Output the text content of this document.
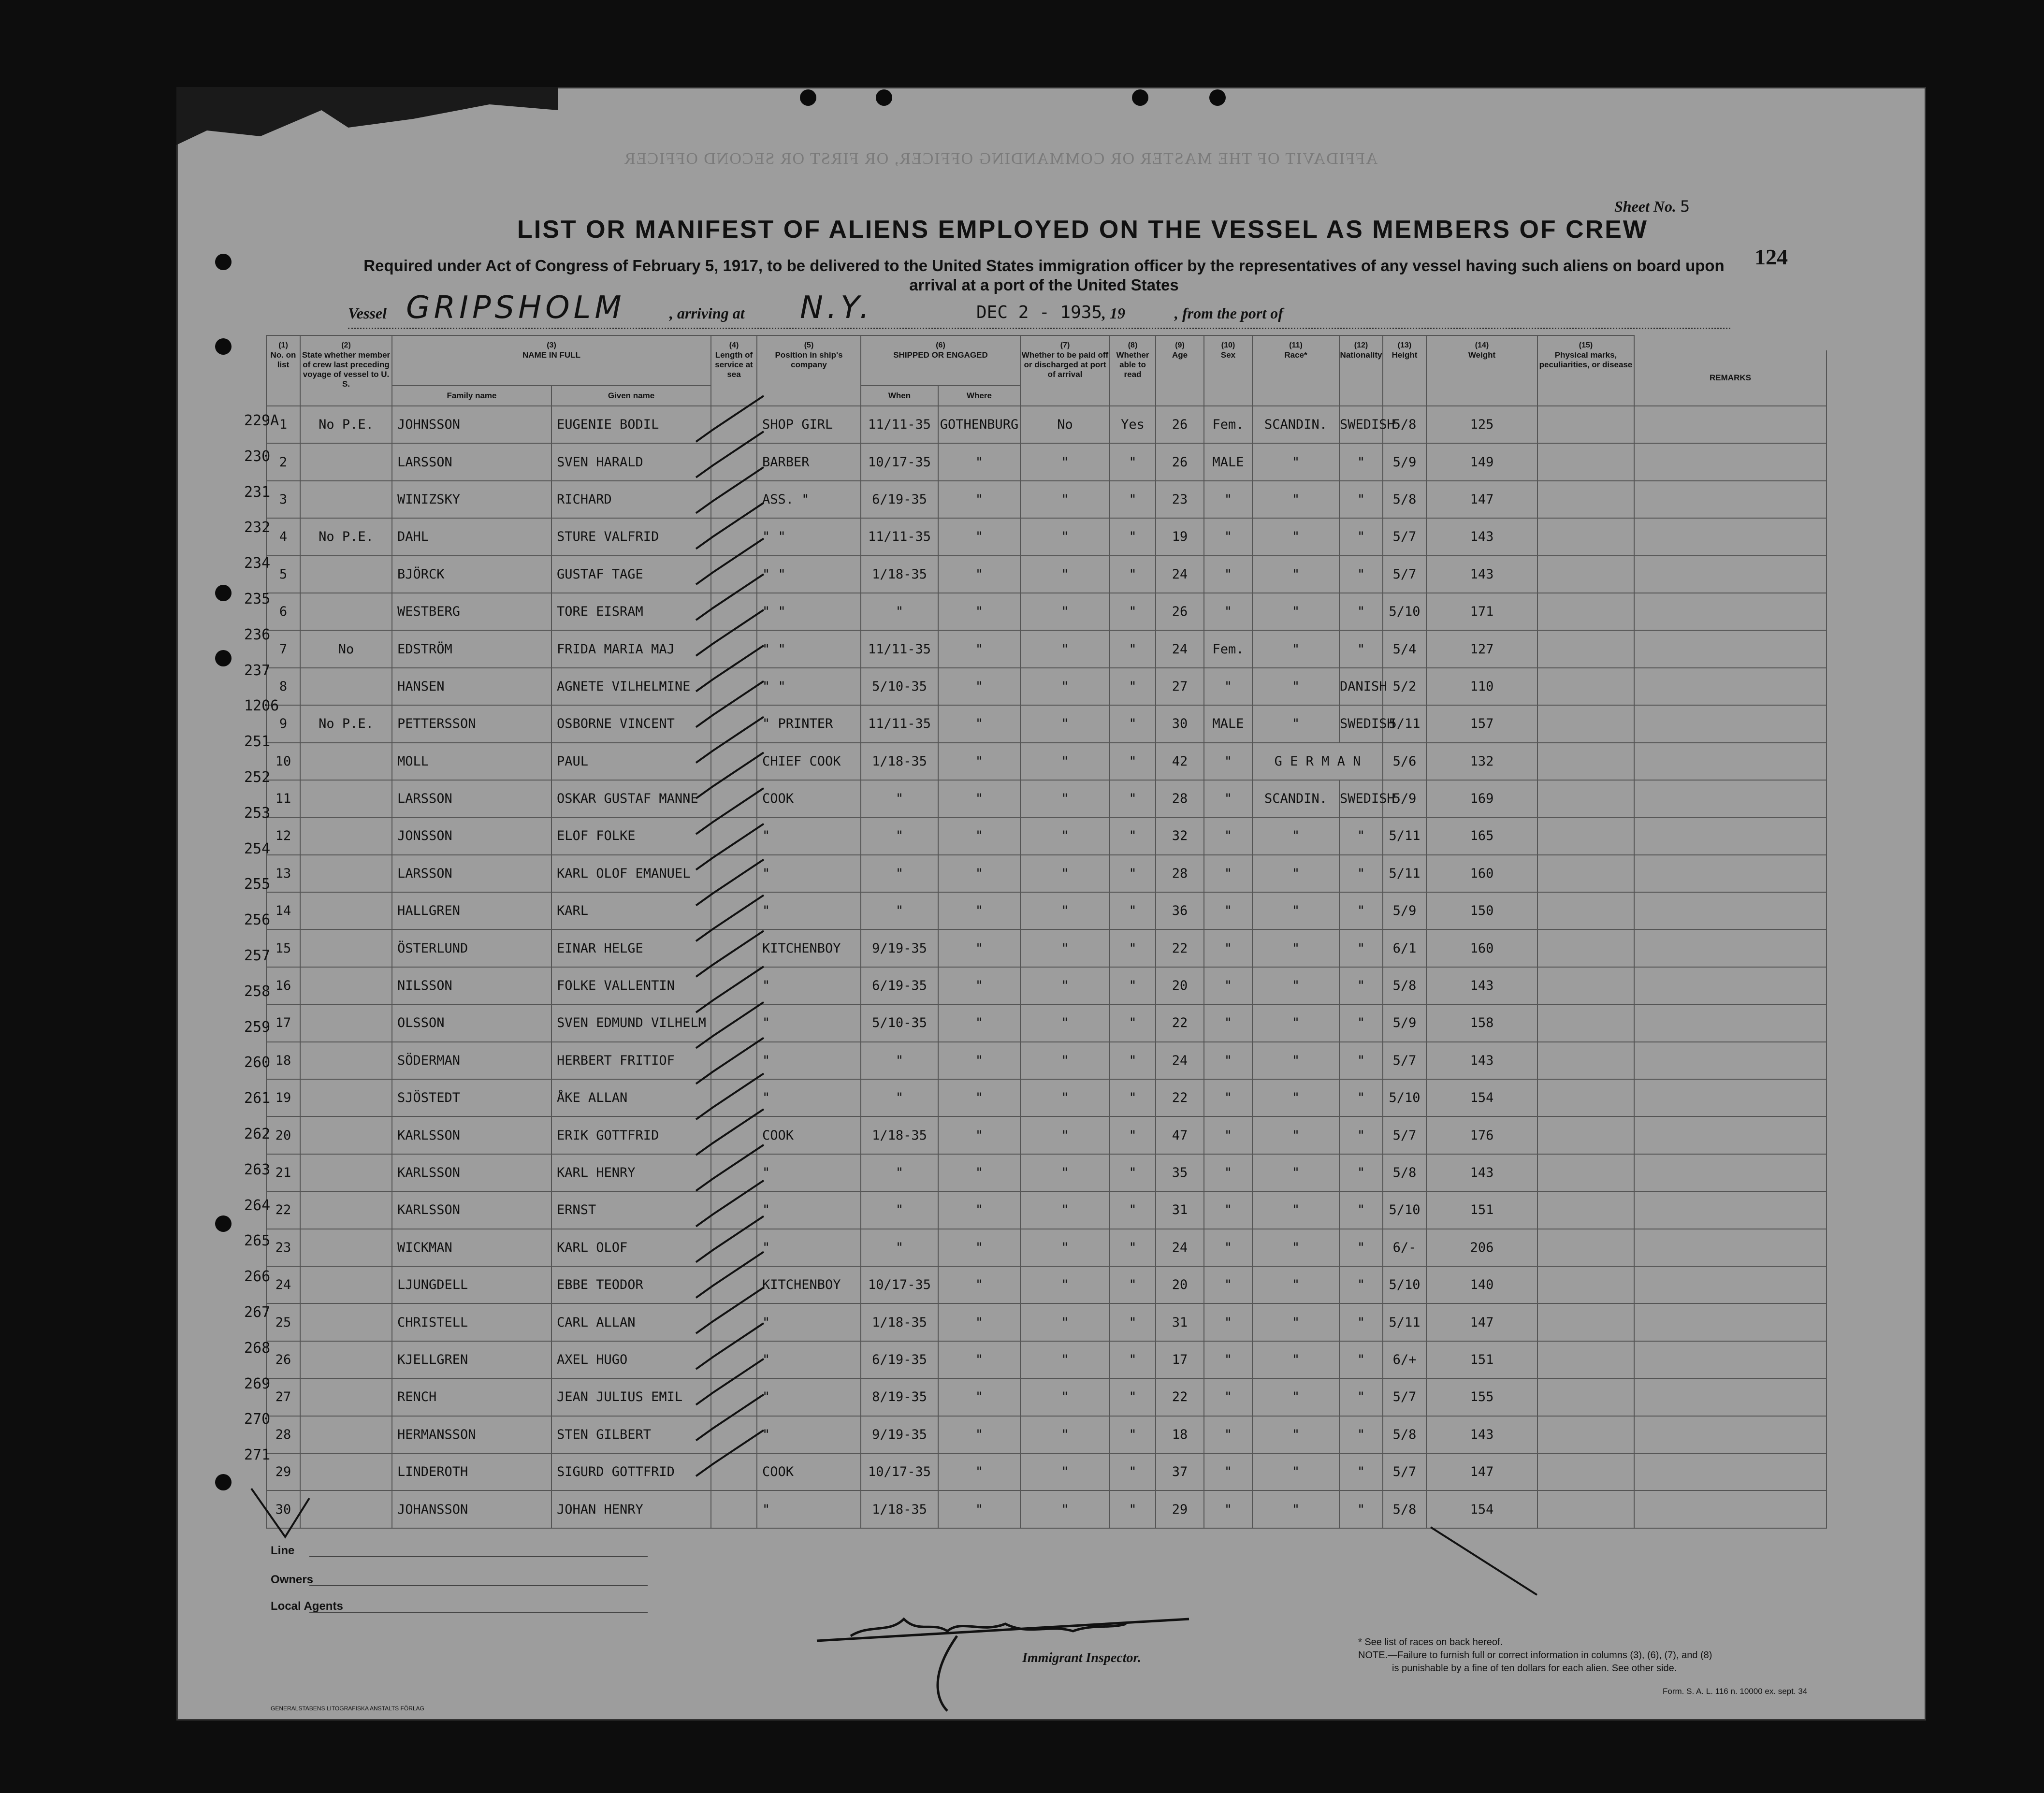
AFFIDAVIT OF THE MASTER OR COMMANDING OFFICER, OR FIRST OR SECOND OFFICER
Sheet No. 5
124
LIST OR MANIFEST OF ALIENS EMPLOYED ON THE VESSEL AS MEMBERS OF CREW
Required under Act of Congress of February 5, 1917, to be delivered to the United States immigration officer by the representatives of any vessel having such aliens on board upon arrival at a port of the United States
Vessel GRIPSHOLM	, arriving at N.Y.	DEC 2 - 1935 , 19	, from the port of
(1)	(2)	(3)		(4)	(5)	(6)		(7)	(8)	(9)	(10)	(11)	(12)	(13)	(14)	(15)	
No. on list	State whether member of crew last preceding voyage of vessel to U. S.	NAME IN FULL		Length of service at sea	Position in ship's company	SHIPPED OR ENGAGED		Whether to be paid off or discharged at port of arrival	Whether able to read	Age	Sex	Race*	Nationality	Height	Weight	Physical marks, peculiarities, or disease	REMARKS
		Family name	Given name			When	Where										
1	No P.E.	JOHNSSON	EUGENIE BODIL		SHOP GIRL	11/11-35	GOTHENBURG	No	Yes	26	Fem.	SCANDIN.	SWEDISH	5/8	125		
2		LARSSON	SVEN HARALD		BARBER	10/17-35	"	"	"	26	MALE	"	"	5/9	149		
3		WINIZSKY	RICHARD		ASS. "	6/19-35	"	"	"	23	"	"	"	5/8	147		
4	No P.E.	DAHL	STURE VALFRID		" "	11/11-35	"	"	"	19	"	"	"	5/7	143		
5		BJÖRCK	GUSTAF TAGE		" "	1/18-35	"	"	"	24	"	"	"	5/7	143		
6		WESTBERG	TORE EISRAM		" "	"	"	"	"	26	"	"	"	5/10	171		
7	No	EDSTRÖM	FRIDA MARIA MAJ		" "	11/11-35	"	"	"	24	Fem.	"	"	5/4	127		
8		HANSEN	AGNETE VILHELMINE		" "	5/10-35	"	"	"	27	"	"	DANISH	5/2	110		
9	No P.E.	PETTERSSON	OSBORNE VINCENT		" PRINTER	11/11-35	"	"	"	30	MALE	"	SWEDISH	5/11	157		
10		MOLL	PAUL		CHIEF COOK	1/18-35	"	"	"	42	"	G E R M A N		5/6	132		
11		LARSSON	OSKAR GUSTAF MANNE		COOK	"	"	"	"	28	"	SCANDIN.	SWEDISH	5/9	169		
12		JONSSON	ELOF FOLKE		"	"	"	"	"	32	"	"	"	5/11	165		
13		LARSSON	KARL OLOF EMANUEL		"	"	"	"	"	28	"	"	"	5/11	160		
14		HALLGREN	KARL		"	"	"	"	"	36	"	"	"	5/9	150		
15		ÖSTERLUND	EINAR HELGE		KITCHENBOY	9/19-35	"	"	"	22	"	"	"	6/1	160		
16		NILSSON	FOLKE VALLENTIN		"	6/19-35	"	"	"	20	"	"	"	5/8	143		
17		OLSSON	SVEN EDMUND VILHELM		"	5/10-35	"	"	"	22	"	"	"	5/9	158		
18		SÖDERMAN	HERBERT FRITIOF		"	"	"	"	"	24	"	"	"	5/7	143		
19		SJÖSTEDT	ÅKE ALLAN		"	"	"	"	"	22	"	"	"	5/10	154		
20		KARLSSON	ERIK GOTTFRID		COOK	1/18-35	"	"	"	47	"	"	"	5/7	176		
21		KARLSSON	KARL HENRY		"	"	"	"	"	35	"	"	"	5/8	143		
22		KARLSSON	ERNST		"	"	"	"	"	31	"	"	"	5/10	151		
23		WICKMAN	KARL OLOF		"	"	"	"	"	24	"	"	"	6/-	206		
24		LJUNGDELL	EBBE TEODOR		KITCHENBOY	10/17-35	"	"	"	20	"	"	"	5/10	140		
25		CHRISTELL	CARL ALLAN		"	1/18-35	"	"	"	31	"	"	"	5/11	147		
26		KJELLGREN	AXEL HUGO		"	6/19-35	"	"	"	17	"	"	"	6/+	151		
27		RENCH	JEAN JULIUS EMIL		"	8/19-35	"	"	"	22	"	"	"	5/7	155		
28		HERMANSSON	STEN GILBERT		"	9/19-35	"	"	"	18	"	"	"	5/8	143		
29		LINDEROTH	SIGURD GOTTFRID		COOK	10/17-35	"	"	"	37	"	"	"	5/7	147		
30		JOHANSSON	JOHAN HENRY		"	1/18-35	"	"	"	29	"	"	"	5/8	154		
229A
230
231
232
234
235
236
237
1206
251
252
253
254
255
256
257
258
259
260
261
262
263
264
265
266
267
268
269
270
271
Line
Owners
Local Agents
Immigrant Inspector.
* See list of races on back hereof.
NOTE.—Failure to furnish full or correct information in columns (3), (6), (7), and (8)
is punishable by a fine of ten dollars for each alien. See other side.
Form. S. A. L. 116 n. 10000 ex. sept. 34
GENERALSTABENS LITOGRAFISKA ANSTALTS FÖRLAG
